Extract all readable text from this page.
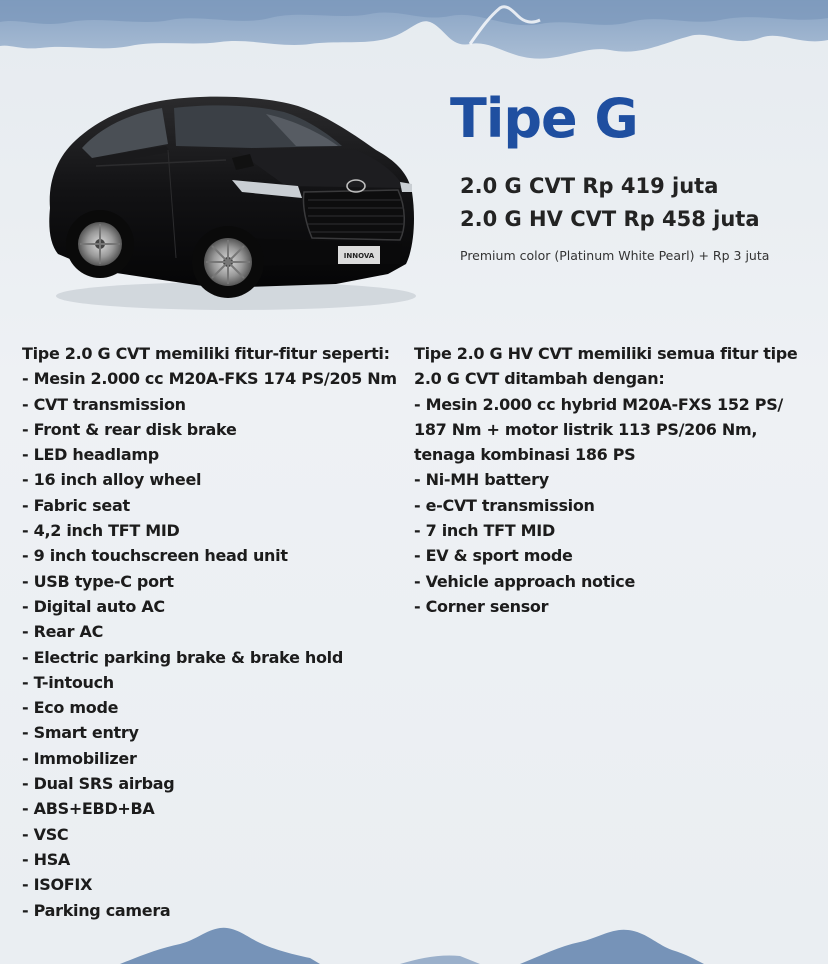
INNOVA
Tipe G
2.0 G CVT Rp 419 juta
2.0 G HV CVT Rp 458 juta
Premium color (Platinum White Pearl) + Rp 3 juta
Tipe 2.0 G CVT memiliki fitur-fitur seperti:
- Mesin 2.000 cc M20A-FKS 174 PS/205 Nm
- CVT transmission
- Front & rear disk brake
- LED headlamp
- 16 inch alloy wheel
- Fabric seat
- 4,2 inch TFT MID
- 9 inch touchscreen head unit
- USB type-C port
- Digital auto AC
- Rear AC
- Electric parking brake & brake hold
- T-intouch
- Eco mode
- Smart entry
- Immobilizer
- Dual SRS airbag
- ABS+EBD+BA
- VSC
- HSA
- ISOFIX
- Parking camera
Tipe 2.0 G HV CVT memiliki semua fitur tipe
2.0 G CVT ditambah dengan:
- Mesin 2.000 cc hybrid M20A-FXS 152 PS/
187 Nm + motor listrik 113 PS/206 Nm,
tenaga kombinasi 186 PS
- Ni-MH battery
- e-CVT transmission
- 7 inch TFT MID
- EV & sport mode
- Vehicle approach notice
- Corner sensor
